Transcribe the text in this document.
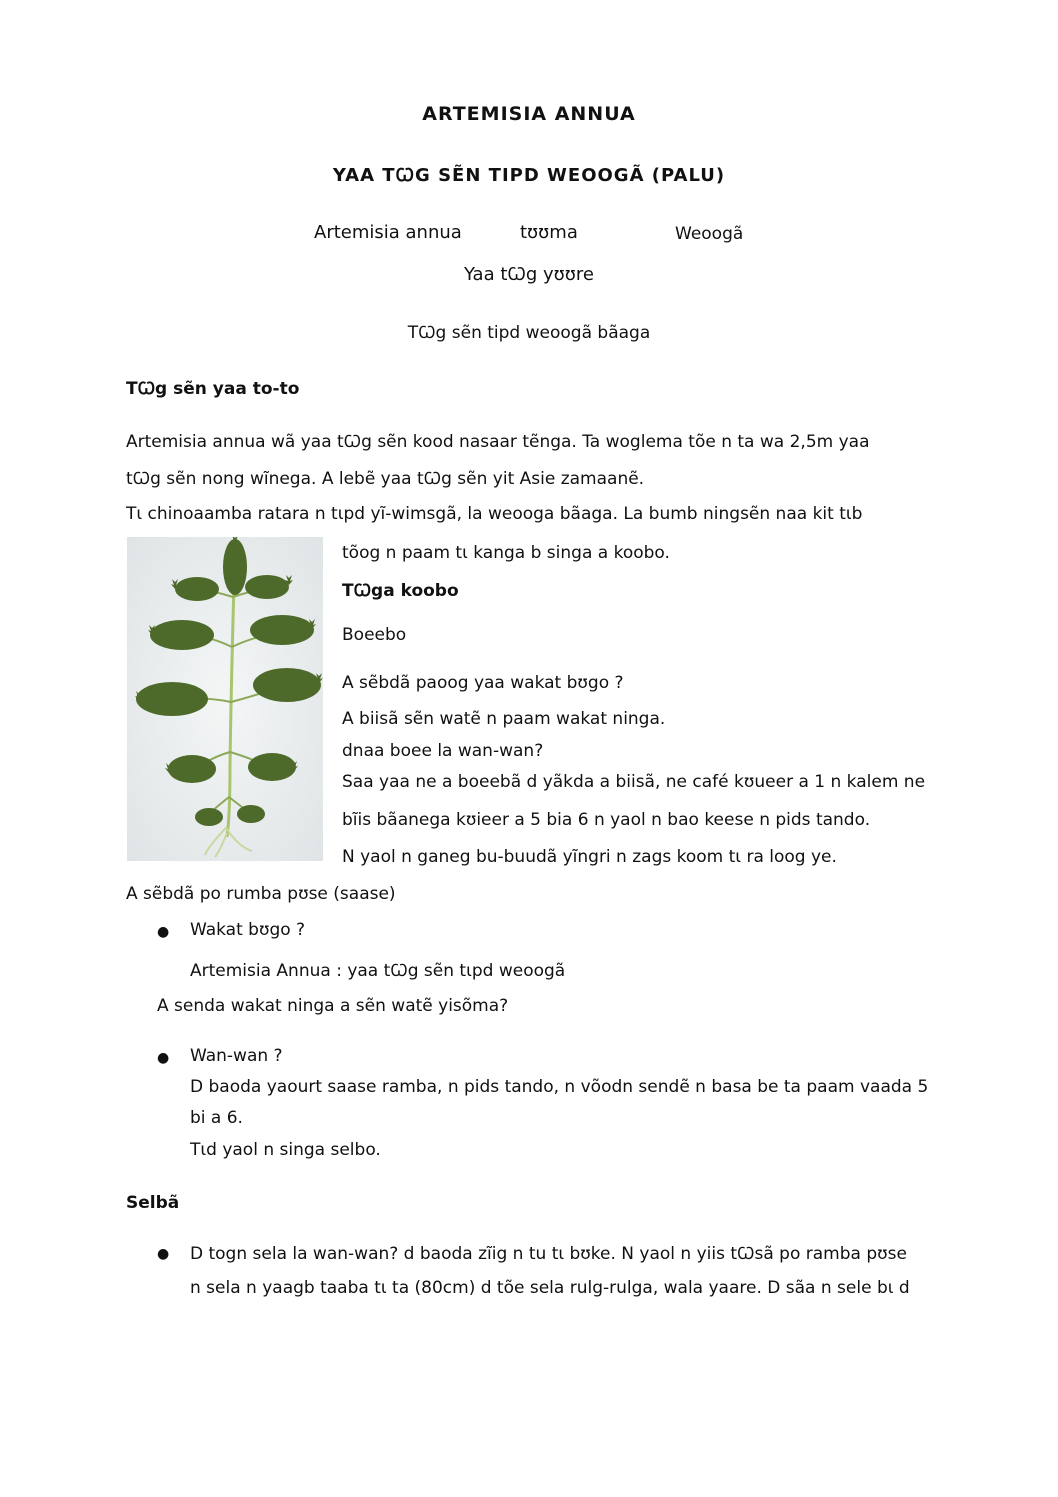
ARTEMISIA ANNUA
YAA TꞶG SẼN TIPD WEOOGÃ (PALU)
Artemisia annua	tʊʊma	Weoogã
Yaa tꞶg yʊʊre
TꞶg sẽn tipd weoogã bãaga
TꞶg sẽn yaa to-to
Artemisia annua wã yaa tꞶg sẽn kood nasaar tẽnga. Ta woglema tõe n ta wa 2,5m yaa
tꞶg sẽn nong wĩnega. A lebẽ yaa tꞶg sẽn yit Asie zamaanẽ.
Tɩ chinoaamba ratara n tɩpd yĩ-wimsgã, la weooga bãaga. La bumb ningsẽn naa kit tɩb
tõog n paam tɩ kanga b singa a koobo.
TꞶga koobo
Boeebo
A sẽbdã paoog yaa wakat bʊgo ?
A biisã sẽn watẽ n paam wakat ninga.
dnaa boee la wan-wan?
Saa yaa ne a boeebã d yãkda a biisã, ne café kʊueer a 1 n kalem ne
bĩis bãanega kʊieer a 5 bia 6 n yaol n bao keese n pids tando.
N yaol n ganeg bu-buudã yĩngri n zags koom tɩ ra loog ye.
A sẽbdã po rumba pʊse (saase)
● Wakat bʊgo ?
Artemisia Annua : yaa tꞶg sẽn tɩpd weoogã
A senda wakat ninga a sẽn watẽ yisõma?
● Wan-wan ?
D baoda yaourt saase ramba, n pids tando, n võodn sendẽ n basa be ta paam vaada 5
bi a 6.
Tɩd yaol n singa selbo.
Selbã
● D togn sela la wan-wan? d baoda zĩig n tu tɩ bʊke. N yaol n yiis tꞶsã po ramba pʊse
n sela n yaagb taaba tɩ ta (80cm) d tõe sela rulg-rulga, wala yaare. D sãa n sele bɩ d
